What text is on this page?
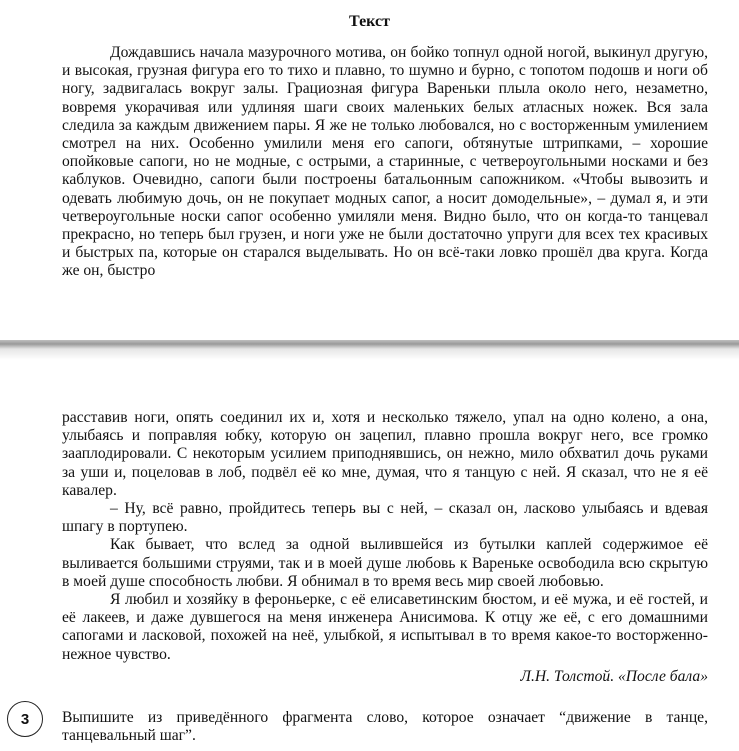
Текст

Дождавшись начала мазурочного мотива, он бойко топнул одной ногой, выкинул другую, и высокая, грузная фигура его то тихо и плавно, то шумно и бурно, с топотом подошв и ноги об ногу, задвигалась вокруг залы. Грациозная фигура Вареньки плыла около него, незаметно, вовремя укорачивая или удлиняя шаги своих маленьких белых атласных ножек. Вся зала следила за каждым движением пары. Я же не только любовался, но с восторженным умилением смотрел на них. Особенно умилили меня его сапоги, обтянутые штрипками, – хорошие опойковые сапоги, но не модные, с острыми, а старинные, с четвероугольными носками и без каблуков. Очевидно, сапоги были построены батальонным сапожником. «Чтобы вывозить и одевать любимую дочь, он не покупает модных сапог, а носит домодельные», – думал я, и эти четвероугольные носки сапог особенно умиляли меня. Видно было, что он когда-то танцевал прекрасно, но теперь был грузен, и ноги уже не были достаточно упруги для всех тех красивых и быстрых па, которые он старался выделывать. Но он всё-таки ловко прошёл два круга. Когда же он, быстро

расставив ноги, опять соединил их и, хотя и несколько тяжело, упал на одно колено, а она, улыбаясь и поправляя юбку, которую он зацепил, плавно прошла вокруг него, все громко зааплодировали. С некоторым усилием приподнявшись, он нежно, мило обхватил дочь руками за уши и, поцеловав в лоб, подвёл её ко мне, думая, что я танцую с ней. Я сказал, что не я её кавалер.

– Ну, всё равно, пройдитесь теперь вы с ней, – сказал он, ласково улыбаясь и вдевая шпагу в портупею.

Как бывает, что вслед за одной вылившейся из бутылки каплей содержимое её выливается большими струями, так и в моей душе любовь к Вареньке освободила всю скрытую в моей душе способность любви. Я обнимал в то время весь мир своей любовью.

Я любил и хозяйку в фероньерке, с её елисаветинским бюстом, и её мужа, и её гостей, и её лакеев, и даже дувшегося на меня инженера Анисимова. К отцу же её, с его домашними сапогами и ласковой, похожей на неё, улыбкой, я испытывал в то время какое-то восторженно-нежное чувство.

Л.Н. Толстой. «После бала»
3	Выпишите из приведённого фрагмента слово, которое означает “движение в танце, танцевальный шаг”.
